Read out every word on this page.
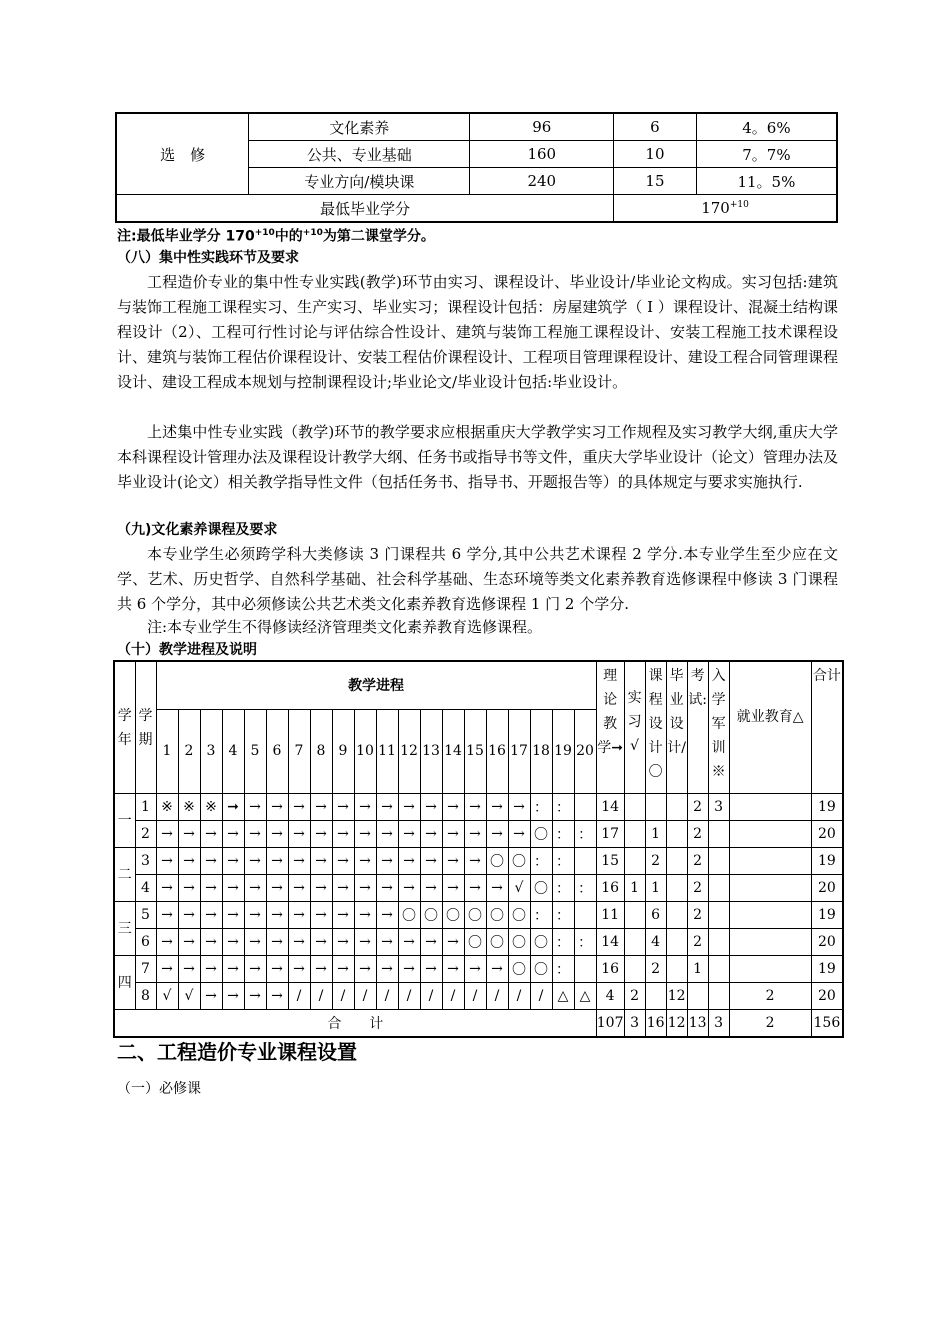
选　修	文化素养	96	6	4。6%
	公共、专业基础	160	10	7。7%
	专业方向/模块课	240	15	11。5%
最低毕业学分			$170^{+10}$

注:最低毕业学分 $170^{+10}$中的$^{+10}$为第二课堂学分。

（八）集中性实践环节及要求

工程造价专业的集中性专业实践(教学)环节由实习、课程设计、毕业设计/毕业论文构成。实习包括:建筑与装饰工程施工课程实习、生产实习、毕业实习；课程设计包括：房屋建筑学（ Ⅰ ）课程设计、混凝土结构课程设计（2）、工程可行性讨论与评估综合性设计、建筑与装饰工程施工课程设计、安装工程施工技术课程设计、建筑与装饰工程估价课程设计、安装工程估价课程设计、工程项目管理课程设计、建设工程合同管理课程设计、建设工程成本规划与控制课程设计;毕业论文/毕业设计包括:毕业设计。

上述集中性专业实践（教学)环节的教学要求应根据重庆大学教学实习工作规程及实习教学大纲,重庆大学本科课程设计管理办法及课程设计教学大纲、任务书或指导书等文件，重庆大学毕业设计（论文）管理办法及毕业设计(论文）相关教学指导性文件（包括任务书、指导书、开题报告等）的具体规定与要求实施执行.

（九)文化素养课程及要求

本专业学生必须跨学科大类修读 3 门课程共 6 学分,其中公共艺术课程 2 学分.本专业学生至少应在文学、艺术、历史哲学、自然科学基础、社会科学基础、生态环境等类文化素养教育选修课程中修读 3 门课程共 6 个学分，其中必须修读公共艺术类文化素养教育选修课程 1 门 2 个学分.

注:本专业学生不得修读经济管理类文化素养教育选修课程。

（十）教学进程及说明

学年	学期	教学进程																				理论教学➞	实习√	课程设计〇	毕业设计/	考试:	入学军训※	就业教育△	合计
		1	2	3	4	5	6	7	8	9	10	11	12	13	14	15	16	17	18	19	20								
一	1	※	※	※	➞	→	→	→	→	→	→	→	→	→	→	→	→	→	：	：		14				2	3		19
	2	→	→	→	→	→	→	→	→	→	→	→	→	→	→	→	→	→	〇	：	：	17		1		2			20
二	3	→	→	→	→	→	→	→	→	→	→	→	→	→	→	→	〇	〇	：	：		15		2		2			19
	4	→	→	→	→	→	→	→	→	→	→	→	→	→	→	→	→	√	〇	：	：	16	1	1		2			20
三	5	→	→	→	→	→	→	→	→	→	→	→	〇	〇	〇	〇	〇	〇	：	：		11		6		2			19
	6	→	→	→	→	→	→	→	→	→	→	→	→	→	→	〇	〇	〇	〇	：	：	14		4		2			20
四	7	→	→	→	→	→	→	→	→	→	→	→	→	→	→	→	→	〇	〇	：		16		2		1			19
	8	√	√	→	→	→	→	/	/	/	/	/	/	/	/	/	/	/	/	△	△	4	2		12			2	20
合　　计																						107	3	16	12	13	3	2	156
二、工程造价专业课程设置
（一）必修课
